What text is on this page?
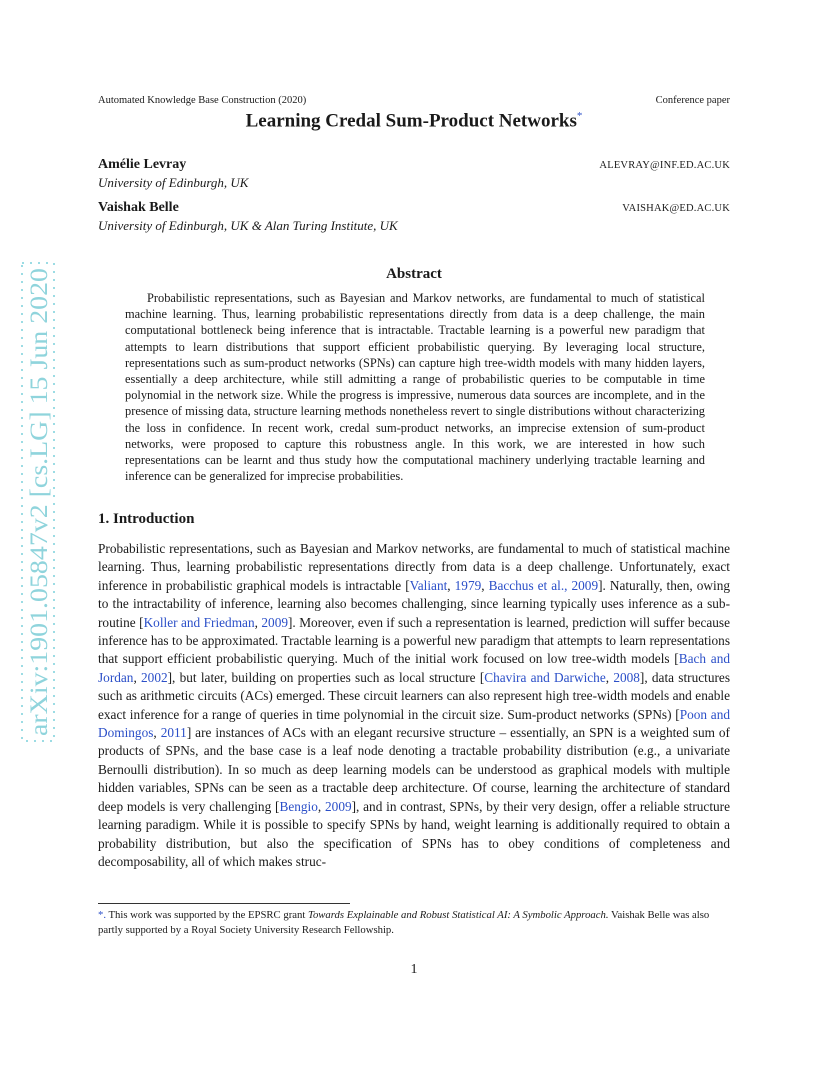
Automated Knowledge Base Construction (2020)	Conference paper
Learning Credal Sum-Product Networks*
Amélie Levray	ALEVRAY@INF.ED.AC.UK
University of Edinburgh, UK
Vaishak Belle	VAISHAK@ED.AC.UK
University of Edinburgh, UK & Alan Turing Institute, UK
Abstract
Probabilistic representations, such as Bayesian and Markov networks, are fundamental to much of statistical machine learning. Thus, learning probabilistic representations directly from data is a deep challenge, the main computational bottleneck being inference that is intractable. Tractable learning is a powerful new paradigm that attempts to learn distributions that support efficient probabilistic querying. By leveraging local structure, representations such as sum-product networks (SPNs) can capture high tree-width models with many hidden layers, essentially a deep architecture, while still admitting a range of probabilistic queries to be computable in time polynomial in the network size. While the progress is impressive, numerous data sources are incomplete, and in the presence of missing data, structure learning methods nonetheless revert to single distributions without characterizing the loss in confidence. In recent work, credal sum-product networks, an imprecise extension of sum-product networks, were proposed to capture this robustness angle. In this work, we are interested in how such representations can be learnt and thus study how the computational machinery underlying tractable learning and inference can be generalized for imprecise probabilities.
1. Introduction
Probabilistic representations, such as Bayesian and Markov networks, are fundamental to much of statistical machine learning. Thus, learning probabilistic representations directly from data is a deep challenge. Unfortunately, exact inference in probabilistic graphical models is intractable [Valiant, 1979, Bacchus et al., 2009]. Naturally, then, owing to the intractability of inference, learning also becomes challenging, since learning typically uses inference as a sub-routine [Koller and Friedman, 2009]. Moreover, even if such a representation is learned, prediction will suffer because inference has to be approximated. Tractable learning is a powerful new paradigm that attempts to learn representations that support efficient probabilistic querying. Much of the initial work focused on low tree-width models [Bach and Jordan, 2002], but later, building on properties such as local structure [Chavira and Darwiche, 2008], data structures such as arithmetic circuits (ACs) emerged. These circuit learners can also represent high tree-width models and enable exact inference for a range of queries in time polynomial in the circuit size. Sum-product networks (SPNs) [Poon and Domingos, 2011] are instances of ACs with an elegant recursive structure – essentially, an SPN is a weighted sum of products of SPNs, and the base case is a leaf node denoting a tractable probability distribution (e.g., a univariate Bernoulli distribution). In so much as deep learning models can be understood as graphical models with multiple hidden variables, SPNs can be seen as a tractable deep architecture. Of course, learning the architecture of standard deep models is very challenging [Bengio, 2009], and in contrast, SPNs, by their very design, offer a reliable structure learning paradigm. While it is possible to specify SPNs by hand, weight learning is additionally required to obtain a probability distribution, but also the specification of SPNs has to obey conditions of completeness and decomposability, all of which makes struc-
*. This work was supported by the EPSRC grant Towards Explainable and Robust Statistical AI: A Symbolic Approach. Vaishak Belle was also partly supported by a Royal Society University Research Fellowship.
1
arXiv:1901.05847v2 [cs.LG] 15 Jun 2020
